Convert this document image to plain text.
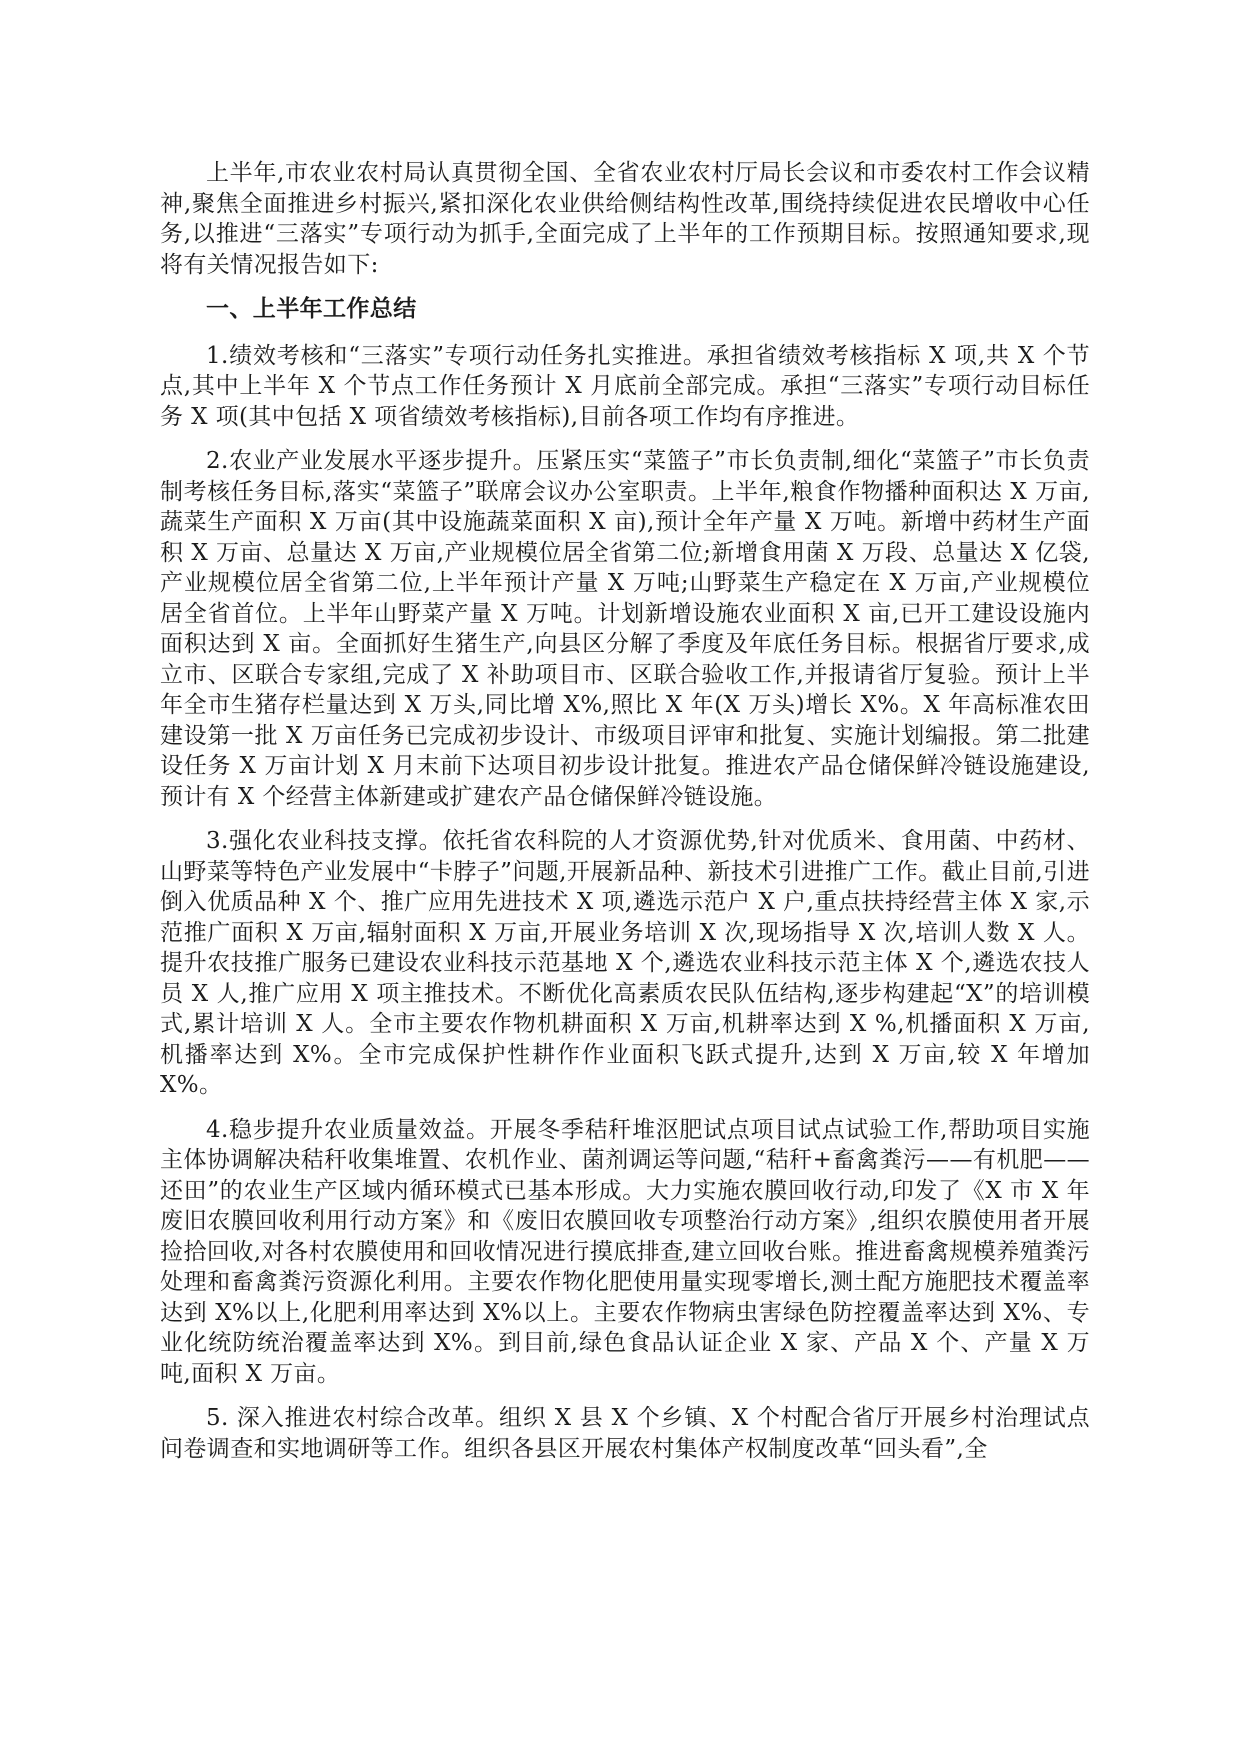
上半年,市农业农村局认真贯彻全国、全省农业农村厅局长会议和市委农村工作会议精神,聚焦全面推进乡村振兴,紧扣深化农业供给侧结构性改革,围绕持续促进农民增收中心任务,以推进“三落实”专项行动为抓手,全面完成了上半年的工作预期目标。按照通知要求,现将有关情况报告如下:

一、上半年工作总结

1.绩效考核和“三落实”专项行动任务扎实推进。承担省绩效考核指标 X 项,共 X 个节点,其中上半年 X 个节点工作任务预计 X 月底前全部完成。承担“三落实”专项行动目标任务 X 项(其中包括 X 项省绩效考核指标),目前各项工作均有序推进。

2.农业产业发展水平逐步提升。压紧压实“菜篮子”市长负责制,细化“菜篮子”市长负责制考核任务目标,落实“菜篮子”联席会议办公室职责。上半年,粮食作物播种面积达 X 万亩,蔬菜生产面积 X 万亩(其中设施蔬菜面积 X 亩),预计全年产量 X 万吨。新增中药材生产面积 X 万亩、总量达 X 万亩,产业规模位居全省第二位;新增食用菌 X 万段、总量达 X 亿袋,产业规模位居全省第二位,上半年预计产量 X 万吨;山野菜生产稳定在 X 万亩,产业规模位居全省首位。上半年山野菜产量 X 万吨。计划新增设施农业面积 X 亩,已开工建设设施内面积达到 X 亩。全面抓好生猪生产,向县区分解了季度及年底任务目标。根据省厅要求,成立市、区联合专家组,完成了 X 补助项目市、区联合验收工作,并报请省厅复验。预计上半年全市生猪存栏量达到 X 万头,同比增 X%,照比 X 年(X 万头)增长 X%。X 年高标准农田建设第一批 X 万亩任务已完成初步设计、市级项目评审和批复、实施计划编报。第二批建设任务 X 万亩计划 X 月末前下达项目初步设计批复。推进农产品仓储保鲜冷链设施建设,预计有 X 个经营主体新建或扩建农产品仓储保鲜冷链设施。

3.强化农业科技支撑。依托省农科院的人才资源优势,针对优质米、食用菌、中药材、山野菜等特色产业发展中“卡脖子”问题,开展新品种、新技术引进推广工作。截止目前,引进倒入优质品种 X 个、推广应用先进技术 X 项,遴选示范户 X 户,重点扶持经营主体 X 家,示范推广面积 X 万亩,辐射面积 X 万亩,开展业务培训 X 次,现场指导 X 次,培训人数 X 人。提升农技推广服务已建设农业科技示范基地 X 个,遴选农业科技示范主体 X 个,遴选农技人员 X 人,推广应用 X 项主推技术。不断优化高素质农民队伍结构,逐步构建起“X”的培训模式,累计培训 X 人。全市主要农作物机耕面积 X 万亩,机耕率达到 X %,机播面积 X 万亩,机播率达到 X%。全市完成保护性耕作作业面积飞跃式提升,达到 X 万亩,较 X 年增加 X%。

4.稳步提升农业质量效益。开展冬季秸秆堆沤肥试点项目试点试验工作,帮助项目实施主体协调解决秸秆收集堆置、农机作业、菌剂调运等问题,“秸秆+畜禽粪污——有机肥——还田”的农业生产区域内循环模式已基本形成。大力实施农膜回收行动,印发了《X 市 X 年废旧农膜回收利用行动方案》和《废旧农膜回收专项整治行动方案》,组织农膜使用者开展捡拾回收,对各村农膜使用和回收情况进行摸底排查,建立回收台账。推进畜禽规模养殖粪污处理和畜禽粪污资源化利用。主要农作物化肥使用量实现零增长,测土配方施肥技术覆盖率达到 X%以上,化肥利用率达到 X%以上。主要农作物病虫害绿色防控覆盖率达到 X%、专业化统防统治覆盖率达到 X%。到目前,绿色食品认证企业 X 家、产品 X 个、产量 X 万吨,面积 X 万亩。

5. 深入推进农村综合改革。组织 X 县 X 个乡镇、X 个村配合省厅开展乡村治理试点问卷调查和实地调研等工作。组织各县区开展农村集体产权制度改革“回头看”,全
